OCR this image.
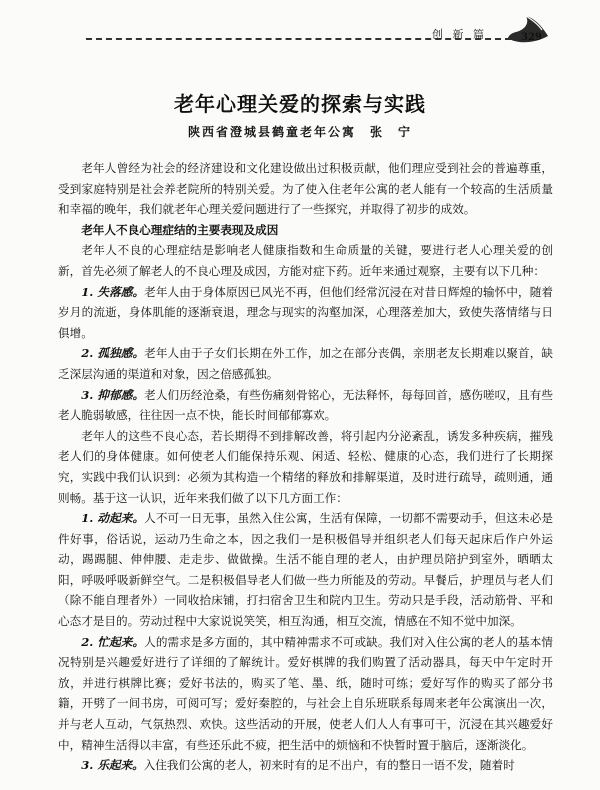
创 新 篇	329
老年心理关爱的探索与实践
陕西省澄城县鹤童老年公寓　张　宁

老年人曾经为社会的经济建设和文化建设做出过积极贡献，他们理应受到社会的普遍尊重，受到家庭特别是社会养老院所的特别关爱。为了使入住老年公寓的老人能有一个较高的生活质量和幸福的晚年，我们就老年心理关爱问题进行了一些探究，并取得了初步的成效。

老年人不良心理症结的主要表现及成因

老年人不良的心理症结是影响老人健康指数和生命质量的关键，要进行老人心理关爱的创新，首先必须了解老人的不良心理及成因，方能对症下药。近年来通过观察，主要有以下几种：

1. 失落感。老年人由于身体原因已风光不再，但他们经常沉浸在对昔日辉煌的输怀中，随着岁月的流逝，身体肌能的逐渐衰退，理念与现实的沟壑加深，心理落差加大，致使失落情绪与日俱增。

2. 孤独感。老年人由于子女们长期在外工作，加之在部分丧偶，亲朋老友长期难以聚首，缺乏深层沟通的渠道和对象，因之倍感孤独。

3. 抑郁感。老人们历经沧桑，有些伤痛刻骨铭心，无法释怀，每每回首，感伤嗟叹，且有些老人脆弱敏感，往往因一点不快，能长时间郁郁寡欢。

老年人的这些不良心态，若长期得不到排解改善，将引起内分泌紊乱，诱发多种疾病，摧残老人们的身体健康。如何使老人们能保持乐观、闲适、轻松、健康的心态，我们进行了长期探究，实践中我们认识到：必须为其构造一个精绪的释放和排解渠道，及时进行疏导，疏则通，通则畅。基于这一认识，近年来我们做了以下几方面工作：

1. 动起来。人不可一日无事，虽然入住公寓，生活有保障，一切都不需要动手，但这未必是件好事，俗话说，运动乃生命之本，因之我们一是积极倡导并组织老人们每天起床后作户外运动，踢踢腿、伸伸腰、走走步、做做操。生活不能自理的老人，由护理员陪护到室外，晒晒太阳，呼吸呼吸新鲜空气。二是积极倡导老人们做一些力所能及的劳动。早餐后，护理员与老人们（除不能自理者外）一同收拾床铺，打扫宿舍卫生和院内卫生。劳动只是手段，活动筋骨、平和心态才是目的。劳动过程中大家说说笑笑，相互沟通，相互交流，情感在不知不觉中加深。

2. 忙起来。人的需求是多方面的，其中精神需求不可或缺。我们对入住公寓的老人的基本情况特别是兴趣爱好进行了详细的了解统计。爱好棋牌的我们购置了活动器具，每天中午定时开放，并进行棋牌比赛；爱好书法的，购买了笔、墨、纸，随时可练；爱好写作的购买了部分书籍，开劈了一间书房，可阅可写；爱好秦腔的，与社会上自乐班联系每周来老年公寓演出一次，并与老人互动，气氛热烈、欢快。这些活动的开展，使老人们人人有事可干，沉浸在其兴趣爱好中，精神生活得以丰富，有些还乐此不疲，把生活中的烦恼和不快暂时置于脑后，逐渐淡化。

3. 乐起来。入住我们公寓的老人，初来时有的足不出户，有的整日一语不发，随着时
